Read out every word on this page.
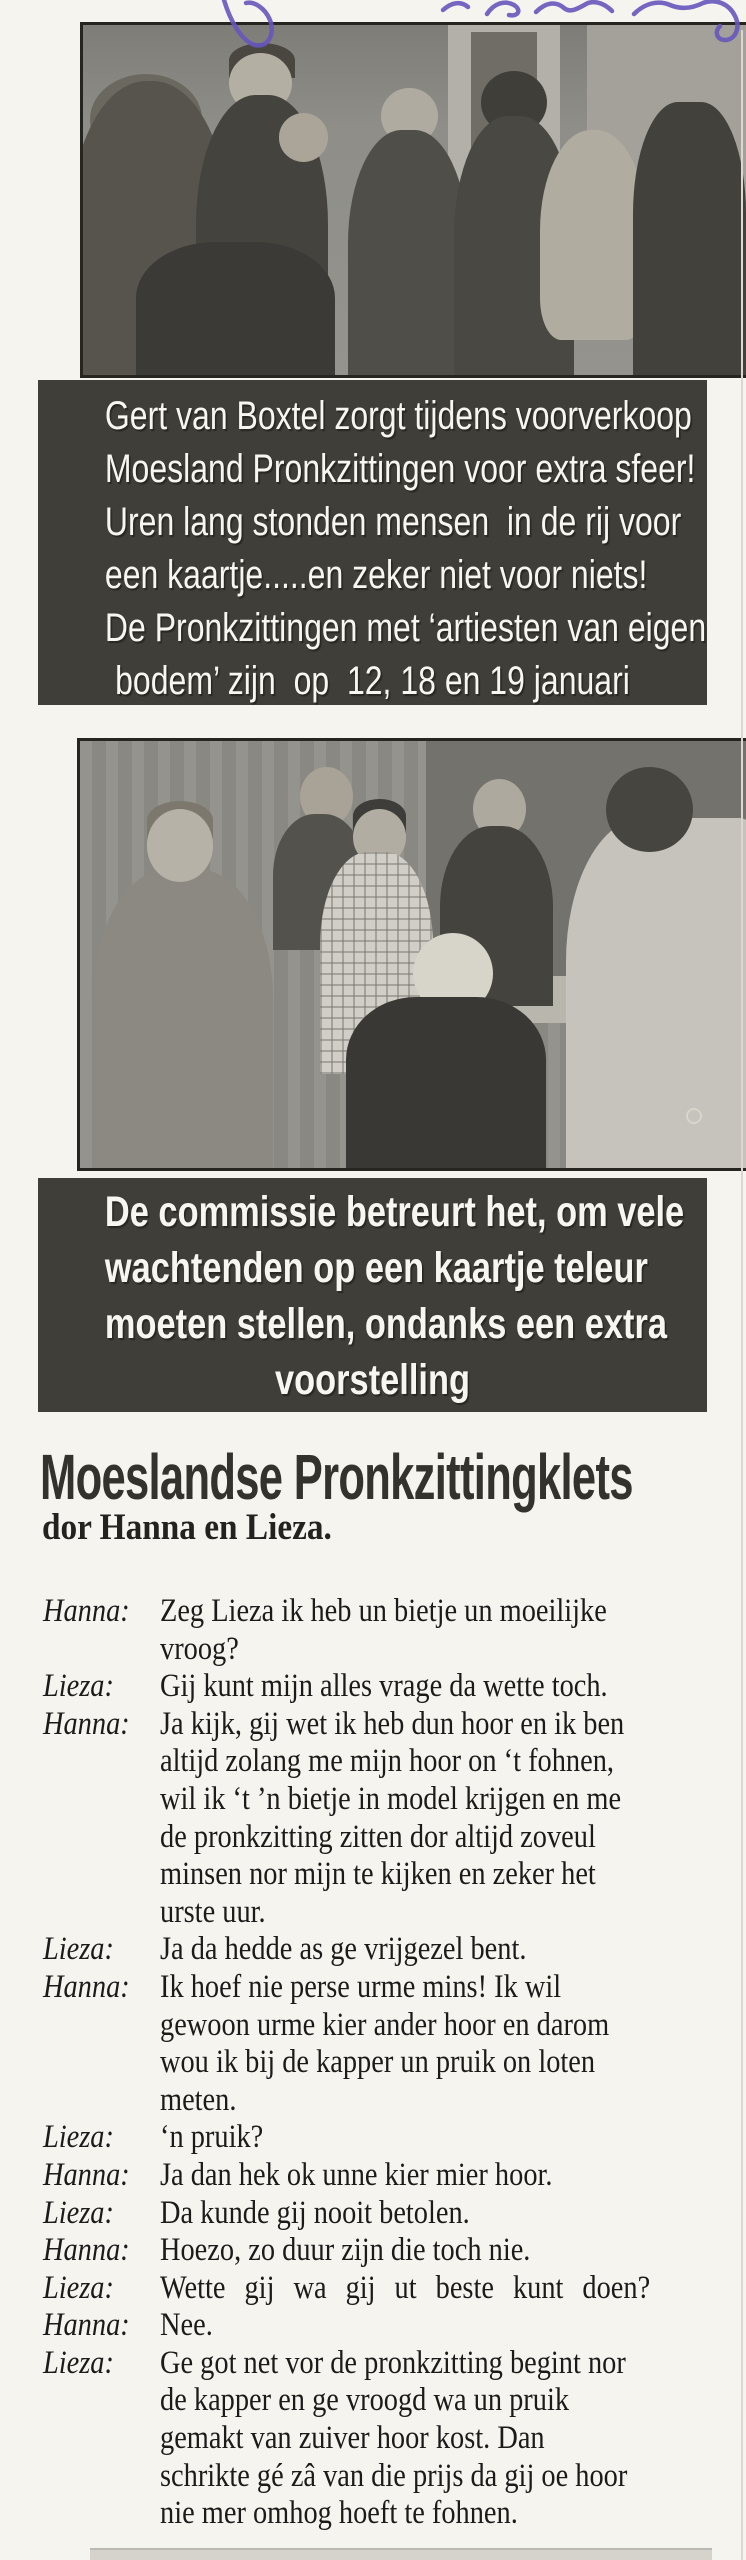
Gert van Boxtel zorgt tijdens voorverkoop
Moesland Pronkzittingen voor extra sfeer!
Uren lang stonden mensen  in de rij voor
een kaartje.....en zeker niet voor niets!
De Pronkzittingen met ‘artiesten van eigen
bodem’ zijn  op  12, 18 en 19 januari
De commissie betreurt het, om vele
wachtenden op een kaartje teleur
moeten stellen, ondanks een extra
voorstelling
Moeslandse Pronkzittingklets
dor Hanna en Lieza.
Hanna: Zeg Lieza ik heb un bietje un moeilijke
vroog?
Lieza:	Gij kunt mijn alles vrage da wette toch.
Hanna: Ja kijk, gij wet ik heb dun hoor en ik ben
altijd zolang me mijn hoor on ‘t fohnen,
wil ik ‘t ’n bietje in model krijgen en me
de pronkzitting zitten dor altijd zoveul
minsen nor mijn te kijken en zeker het
urste uur.
Lieza:	Ja da hedde as ge vrijgezel bent.
Hanna: Ik hoef nie perse urme mins! Ik wil
gewoon urme kier ander hoor en darom
wou ik bij de kapper un pruik on loten
meten.
Lieza:	‘n pruik?
Hanna: Ja dan hek ok unne kier mier hoor.
Lieza:	Da kunde gij nooit betolen.
Hanna: Hoezo, zo duur zijn die toch nie.
Lieza:	Wette gij wa gij ut beste kunt doen?
Hanna: Nee.
Lieza:	Ge got net vor de pronkzitting begint nor
de kapper en ge vroogd wa un pruik
gemakt van zuiver hoor kost. Dan
schrikte gé zâ van die prijs da gij oe hoor
nie mer omhog hoeft te fohnen.
